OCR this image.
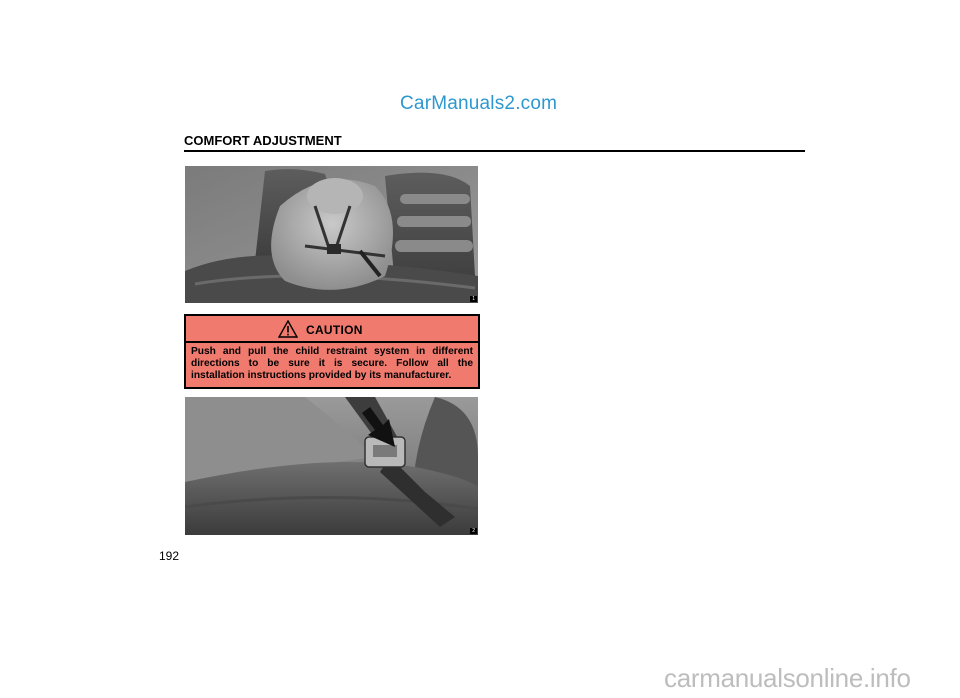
CarManuals2.com
COMFORT ADJUSTMENT
1
CAUTION
Push and pull the child restraint system in different directions to be sure it is secure. Follow all the installation instructions provided by its manufacturer.
2
192
carmanualsonline.info
